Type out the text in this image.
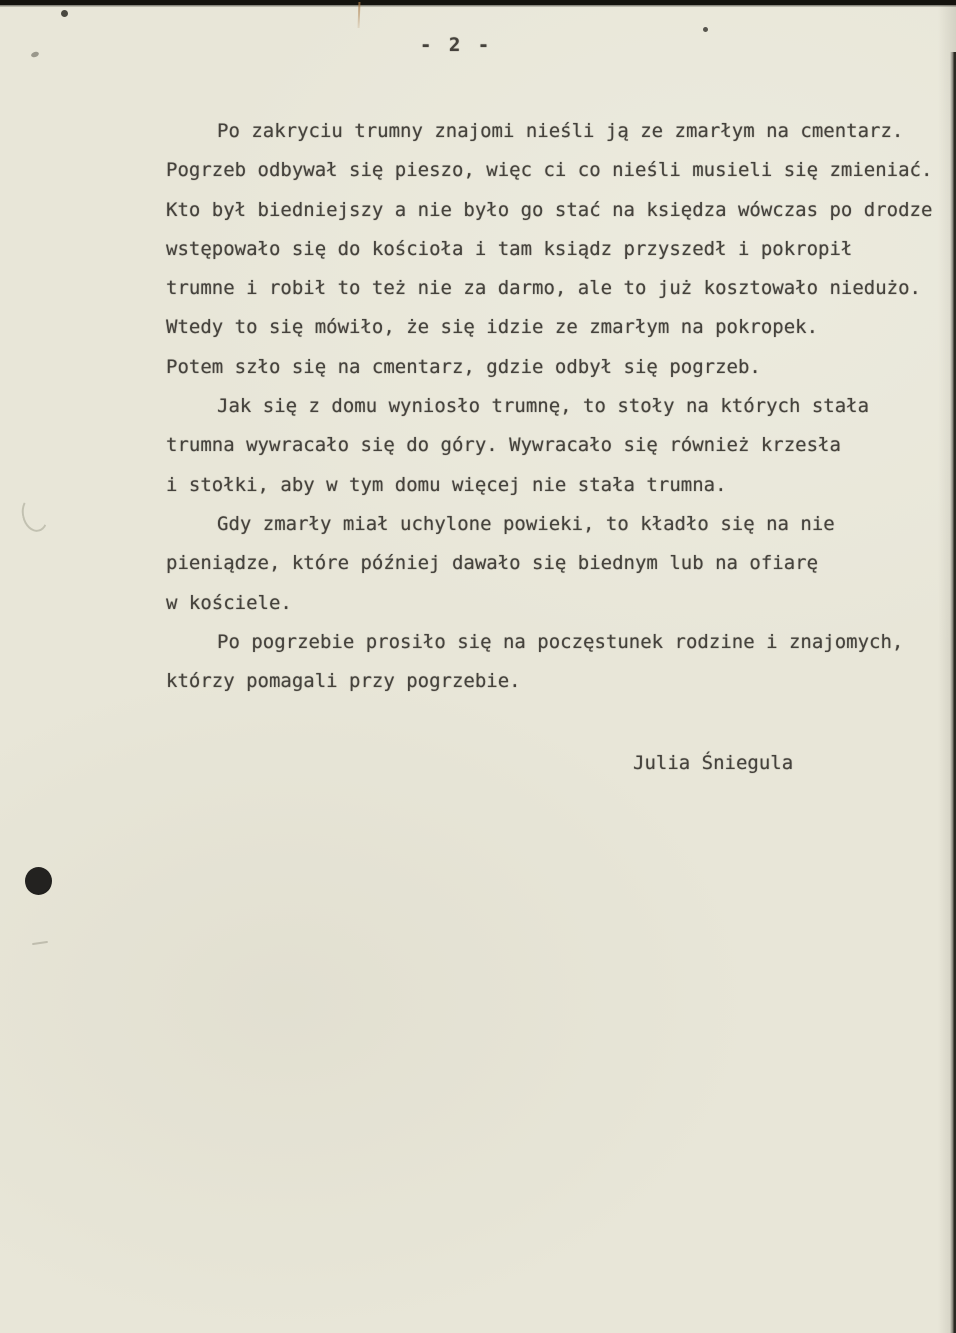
- 2 -
Po zakryciu trumny znajomi nieśli ją ze zmarłym na cmentarz.
Pogrzeb odbywał się pieszo, więc ci co nieśli musieli się zmieniać.
Kto był biedniejszy a nie było go stać na księdza wówczas po drodze
wstępowało się do kościoła i tam ksiądz przyszedł i pokropił
trumne i robił to też nie za darmo, ale to już kosztowało niedużo.
Wtedy to się mówiło, że się idzie ze zmarłym na pokropek.
Potem szło się na cmentarz, gdzie odbył się pogrzeb.
Jak się z domu wyniosło trumnę, to stoły na których stała
trumna wywracało się do góry. Wywracało się również krzesła
i stołki, aby w tym domu więcej nie stała trumna.
Gdy zmarły miał uchylone powieki, to kładło się na nie
pieniądze, które później dawało się biednym lub na ofiarę
w kościele.
Po pogrzebie prosiło się na poczęstunek rodzine i znajomych,
którzy pomagali przy pogrzebie.
Julia Śniegula
